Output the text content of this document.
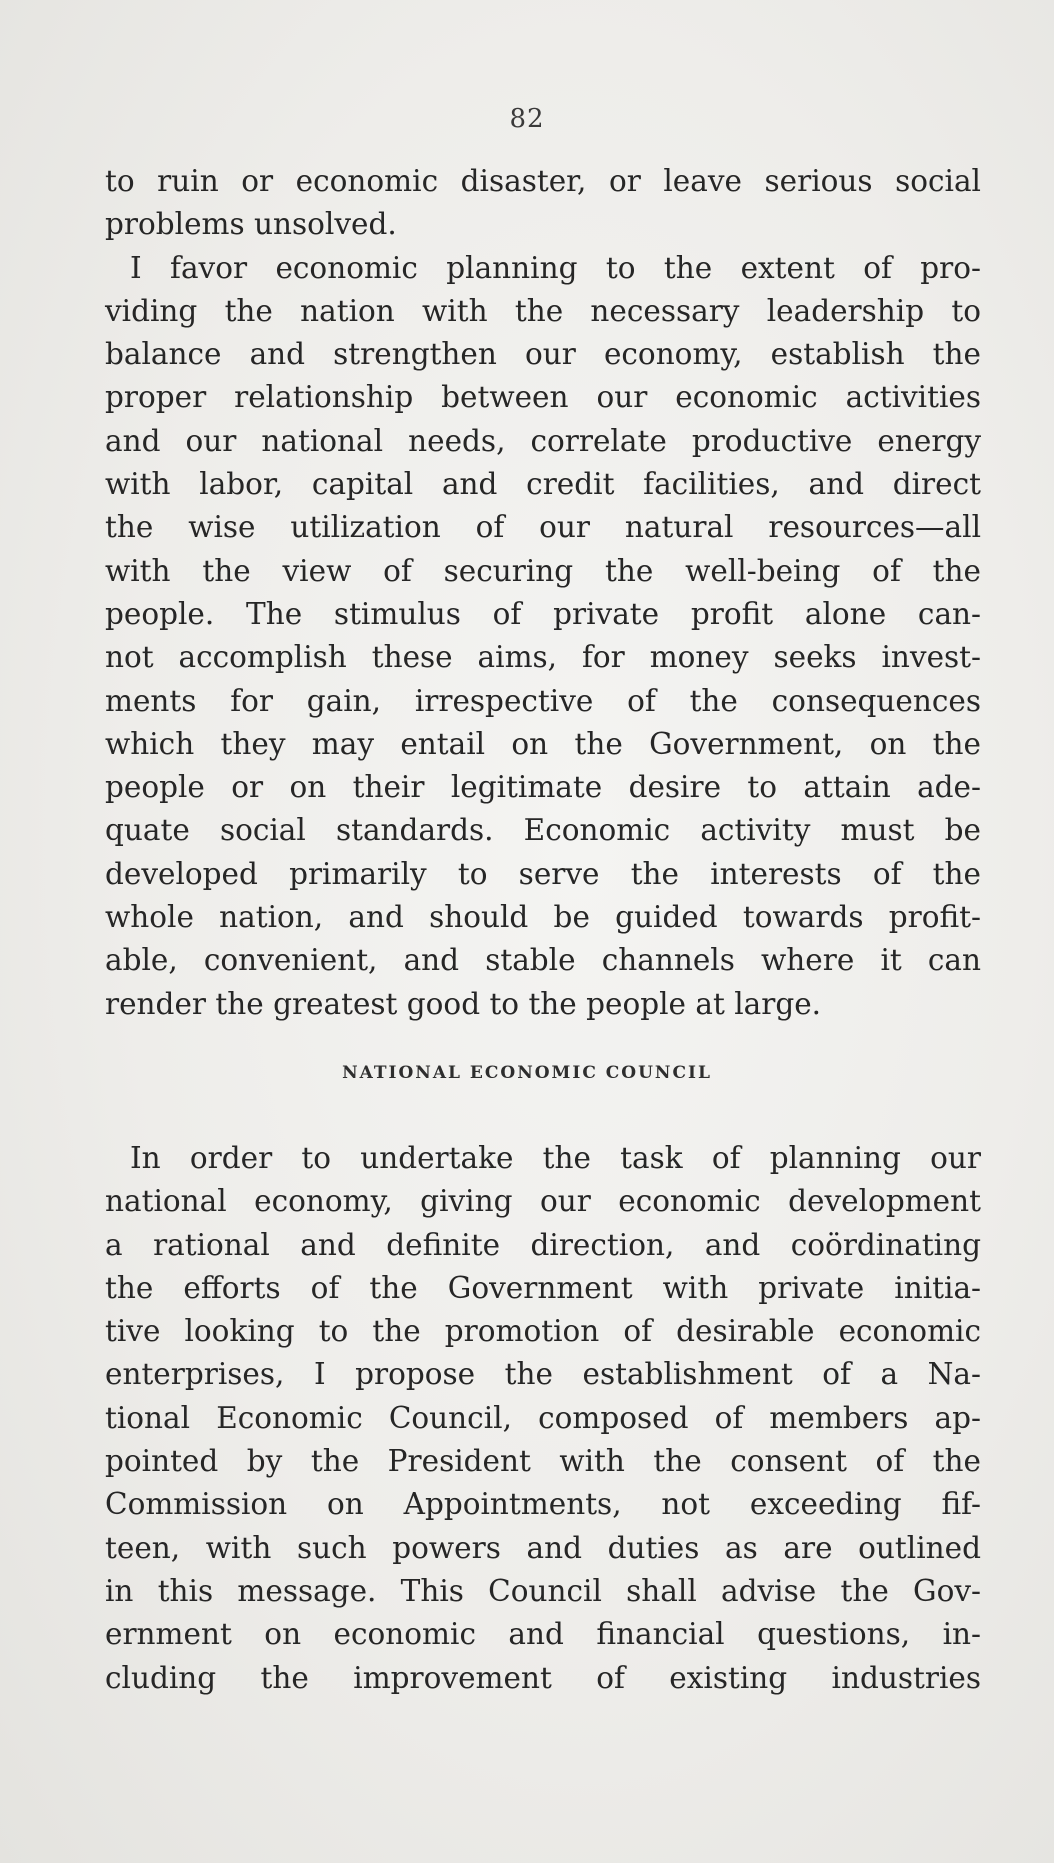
82
to ruin or economic disaster, or leave serious social
problems unsolved.
I favor economic planning to the extent of pro-
viding the nation with the necessary leadership to
balance and strengthen our economy, establish the
proper relationship between our economic activities
and our national needs, correlate productive energy
with labor, capital and credit facilities, and direct
the wise utilization of our natural resources—all
with the view of securing the well-being of the
people. The stimulus of private profit alone can-
not accomplish these aims, for money seeks invest-
ments for gain, irrespective of the consequences
which they may entail on the Government, on the
people or on their legitimate desire to attain ade-
quate social standards. Economic activity must be
developed primarily to serve the interests of the
whole nation, and should be guided towards profit-
able, convenient, and stable channels where it can
render the greatest good to the people at large.
NATIONAL ECONOMIC COUNCIL
In order to undertake the task of planning our
national economy, giving our economic development
a rational and definite direction, and coördinating
the efforts of the Government with private initia-
tive looking to the promotion of desirable economic
enterprises, I propose the establishment of a Na-
tional Economic Council, composed of members ap-
pointed by the President with the consent of the
Commission on Appointments, not exceeding fif-
teen, with such powers and duties as are outlined
in this message. This Council shall advise the Gov-
ernment on economic and financial questions, in-
cluding the improvement of existing industries
